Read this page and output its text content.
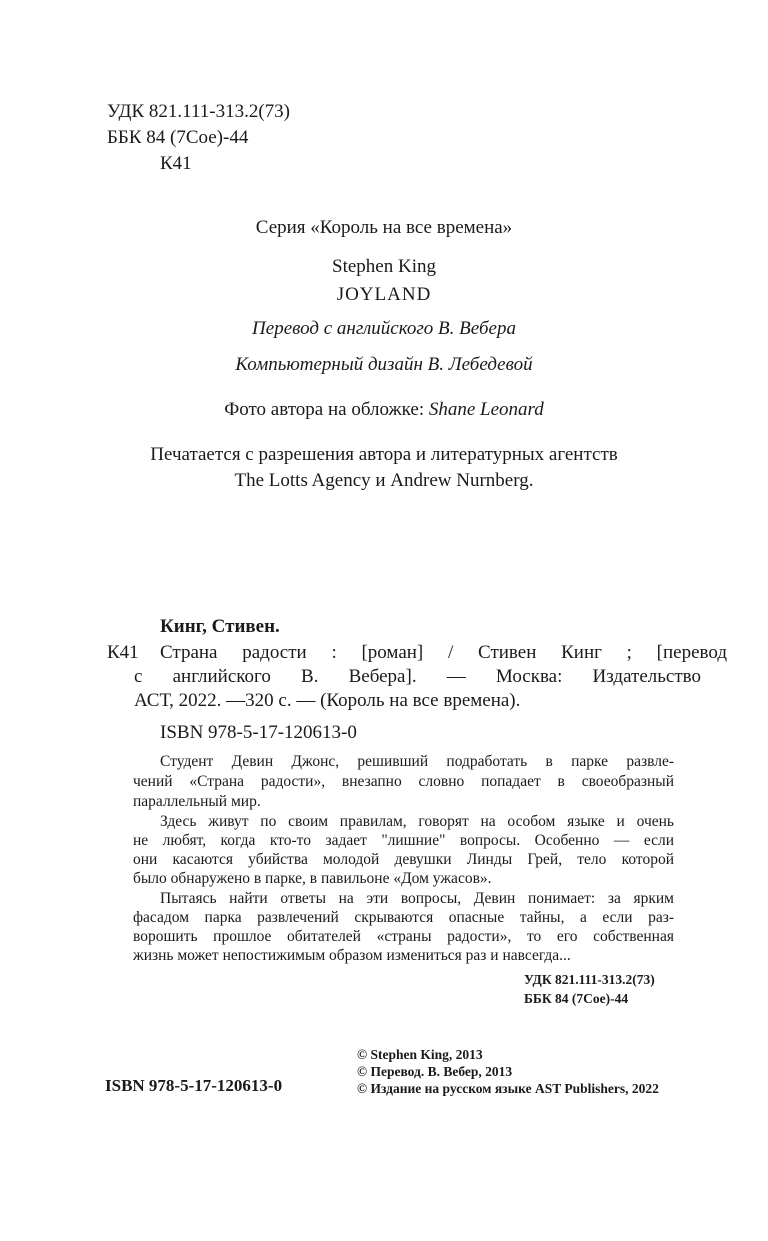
УДК 821.111-313.2(73)
ББК 84 (7Сое)-44
К41
Серия «Король на все времена»
Stephen King
JOYLAND
Перевод с английского В. Вебера
Компьютерный дизайн В. Лебедевой
Фото автора на обложке: Shane Leonard
Печатается с разрешения автора и литературных агентств
The Lotts Agency и Andrew Nurnberg.
Кинг, Стивен.
К41 Страна радости : [роман] / Стивен Кинг ; [перевод
с английского В. Вебера]. — Москва: Издательство
АСТ, 2022. —320 с. — (Король на все времена).
ISBN 978-5-17-120613-0
Студент Девин Джонс, решивший подработать в парке развле-
чений «Страна радости», внезапно словно попадает в своеобразный
параллельный мир.
Здесь живут по своим правилам, говорят на особом языке и очень
не любят, когда кто-то задает "лишние" вопросы. Особенно — если
они касаются убийства молодой девушки Линды Грей, тело которой
было обнаружено в парке, в павильоне «Дом ужасов».
Пытаясь найти ответы на эти вопросы, Девин понимает: за ярким
фасадом парка развлечений скрываются опасные тайны, а если раз-
ворошить прошлое обитателей «страны радости», то его собственная
жизнь может непостижимым образом измениться раз и навсегда...
УДК 821.111-313.2(73)
ББК 84 (7Сое)-44
© Stephen King, 2013
© Перевод. В. Вебер, 2013
© Издание на русском языке AST Publishers, 2022
ISBN 978-5-17-120613-0
